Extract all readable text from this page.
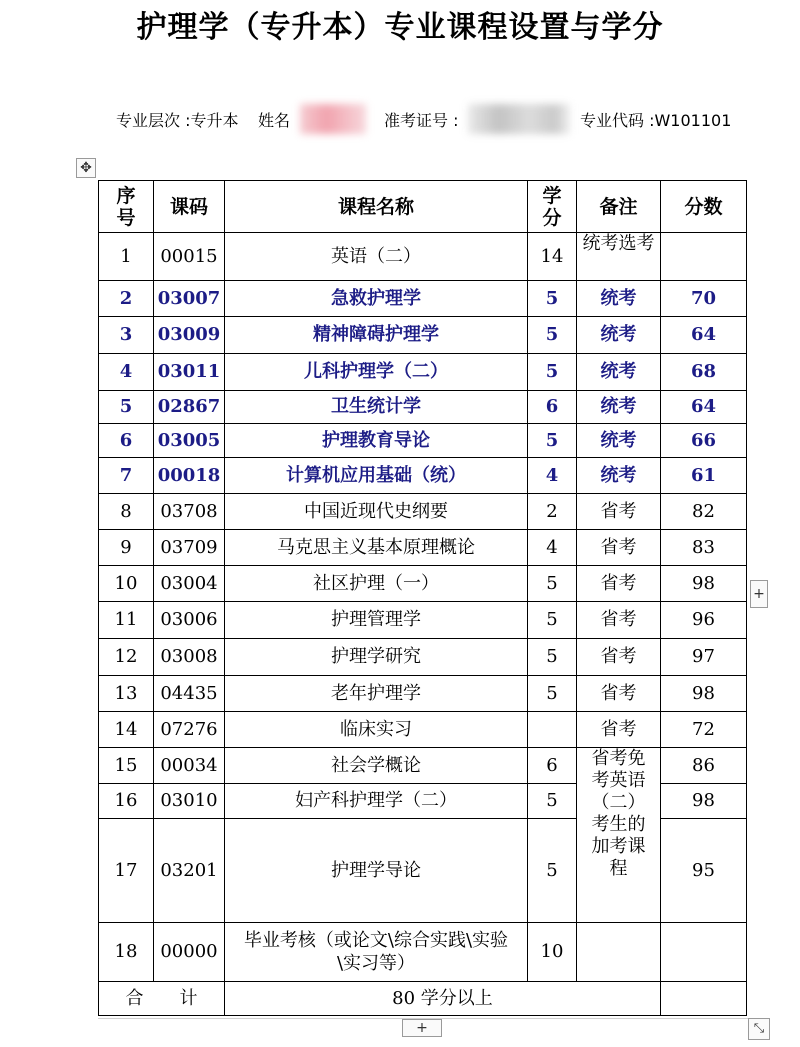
护理学（专升本）专业课程设置与学分
专业层次 :专升本 姓名	准考证号 :	专业代码 :W101101
✥
序号	课码	课程名称	学分	备注	分数
1	00015	英语（二）	14	统考选考	
2	03007	急救护理学	5	统考	70
3	03009	精神障碍护理学	5	统考	64
4	03011	儿科护理学（二）	5	统考	68
5	02867	卫生统计学	6	统考	64
6	03005	护理教育导论	5	统考	66
7	00018	计算机应用基础（统）	4	统考	61
8	03708	中国近现代史纲要	2	省考	82
9	03709	马克思主义基本原理概论	4	省考	83
10	03004	社区护理（一）	5	省考	98
11	03006	护理管理学	5	省考	96
12	03008	护理学研究	5	省考	97
13	04435	老年护理学	5	省考	98
14	07276	临床实习		省考	72
15	00034	社会学概论	6	省考免考英语（二）考生的加考课程	86
16	03010	妇产科护理学（二）	5		98
17	03201	护理学导论	5		95
18	00000	毕业考核（或论文\综合实践\实验\实习等）	10		
合　　计		80 学分以上			
+
+	⤡
